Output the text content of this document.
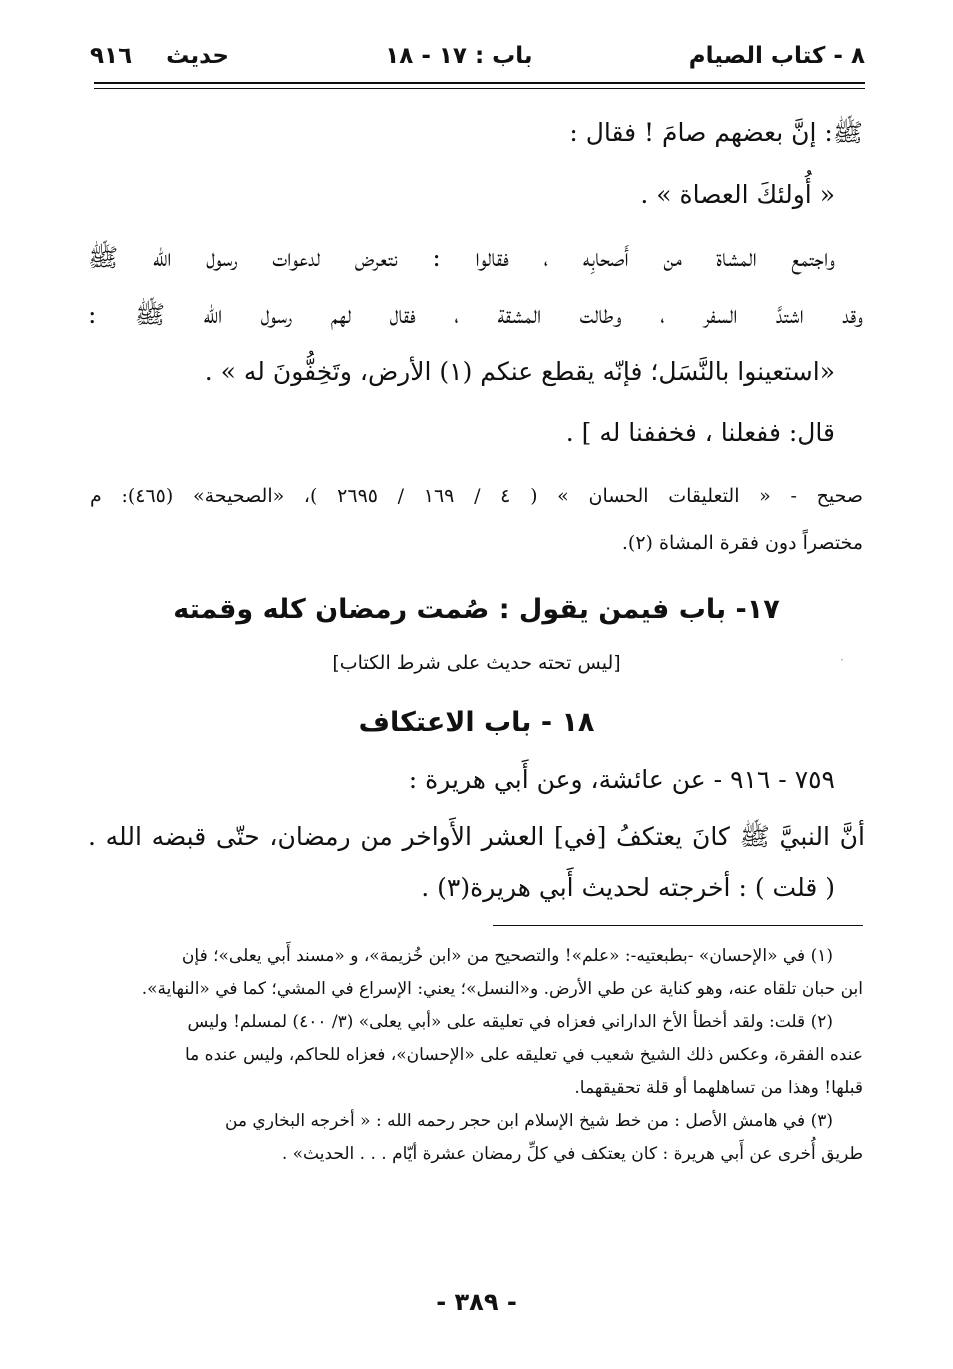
٨ - كتاب الصيام
باب : ١٧ - ١٨
حديث
٩١٦
ﷺ: إنَّ بعضهم صامَ ! فقال :
« أُولئكَ العصاة » .
واجتمع المشاة من أَصحابِه ، فقالوا : نتعرض لدعوات رسول الله ﷺ
وقد اشتدَّ السفر ، وطالت المشقة ، فقال لهم رسول الله ﷺ :
«استعينوا بالنَّسَل؛ فإنّه يقطع عنكم (١) الأرض، وتَخِفُّونَ له » .
قال: ففعلنا ، فخففنا له ] .
صحيح - « التعليقات الحسان » ( ٤ / ١٦٩ / ٢٦٩٥ )، «الصحيحة» (٤٦٥): م
مختصراً دون فقرة المشاة (٢).
١٧- باب فيمن يقول : صُمت رمضان كله وقمته
[ليس تحته حديث على شرط الكتاب]	·
١٨ - باب الاعتكاف
٧٥٩ - ٩١٦ - عن عائشة، وعن أَبي هريرة :
أنَّ النبيَّ ﷺ كانَ يعتكفُ [في] العشر الأَواخر من رمضان، حتّى قبضه الله .
( قلت ) : أخرجته لحديث أَبي هريرة(٣) .
(١) في «الإحسان» -بطبعتيه-: «علم»! والتصحيح من «ابن خُزيمة»، و «مسند أَبي يعلى»؛ فإن
ابن حبان تلقاه عنه، وهو كناية عن طي الأرض. و«النسل»؛ يعني: الإسراع في المشي؛ كما في «النهاية».
(٢) قلت: ولقد أخطأ الأخ الداراني فعزاه في تعليقه على «أبي يعلى» (٣/ ٤٠٠) لمسلم! وليس
عنده الفقرة، وعكس ذلك الشيخ شعيب في تعليقه على «الإحسان»، فعزاه للحاكم، وليس عنده ما
قبلها! وهذا من تساهلهما أو قلة تحقيقهما.
(٣) في هامش الأصل : من خط شيخ الإسلام ابن حجر رحمه الله : « أخرجه البخاري من
طريق أُخرى عن أَبي هريرة : كان يعتكف في كلِّ رمضان عشرة أيّام . . . الحديث» .
- ٣٨٩ -
